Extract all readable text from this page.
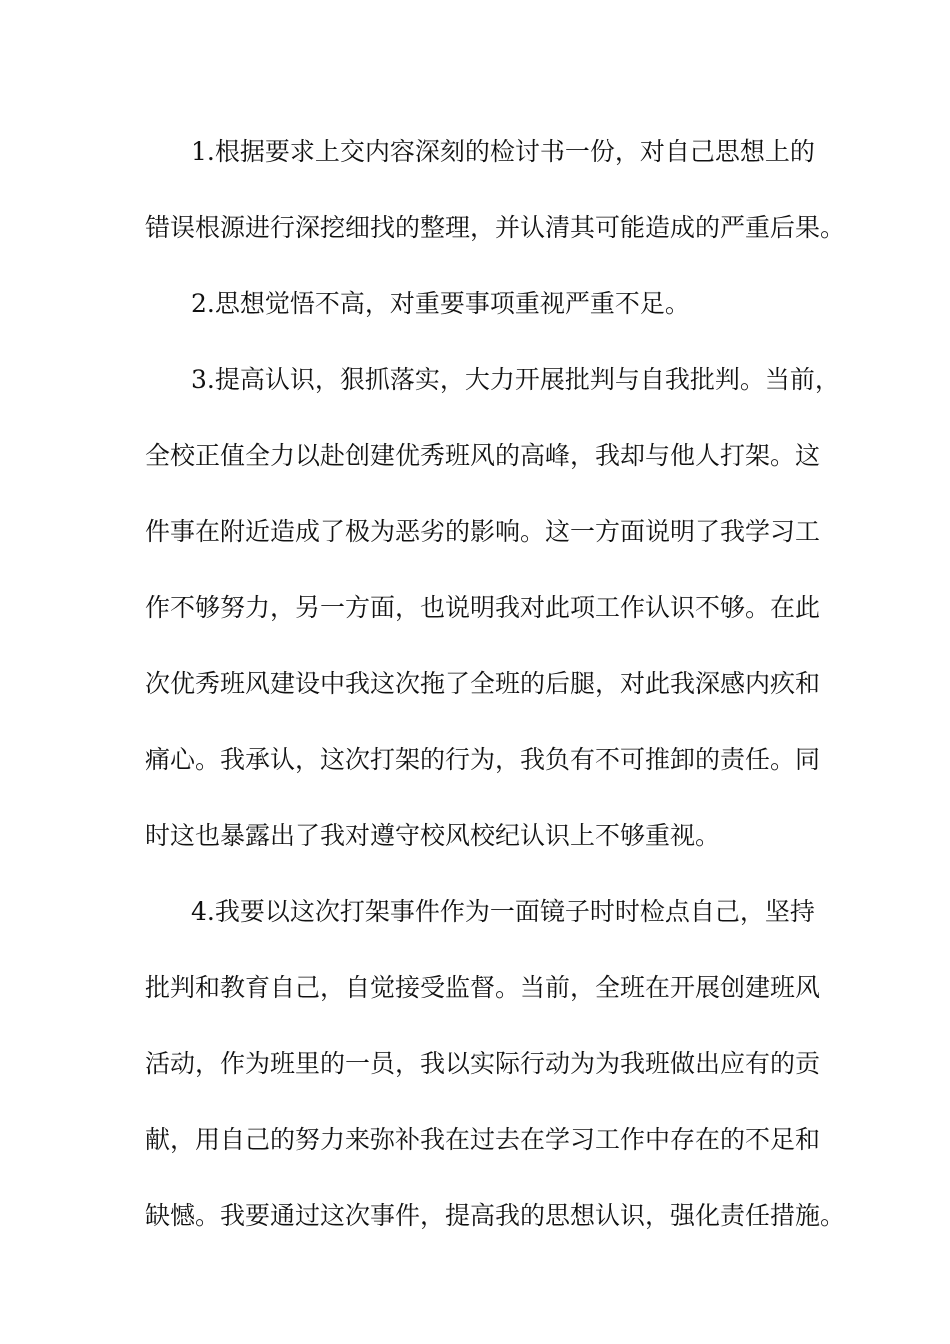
1.根据要求上交内容深刻的检讨书一份，对自己思想上的
错误根源进行深挖细找的整理，并认清其可能造成的严重后果。
2.思想觉悟不高，对重要事项重视严重不足。
3.提高认识，狠抓落实，大力开展批判与自我批判。当前，
全校正值全力以赴创建优秀班风的高峰，我却与他人打架。这
件事在附近造成了极为恶劣的影响。这一方面说明了我学习工
作不够努力，另一方面，也说明我对此项工作认识不够。在此
次优秀班风建设中我这次拖了全班的后腿，对此我深感内疚和
痛心。我承认，这次打架的行为，我负有不可推卸的责任。同
时这也暴露出了我对遵守校风校纪认识上不够重视。
4.我要以这次打架事件作为一面镜子时时检点自己，坚持
批判和教育自己，自觉接受监督。当前，全班在开展创建班风
活动，作为班里的一员，我以实际行动为为我班做出应有的贡
献，用自己的努力来弥补我在过去在学习工作中存在的不足和
缺憾。我要通过这次事件，提高我的思想认识，强化责任措施。
